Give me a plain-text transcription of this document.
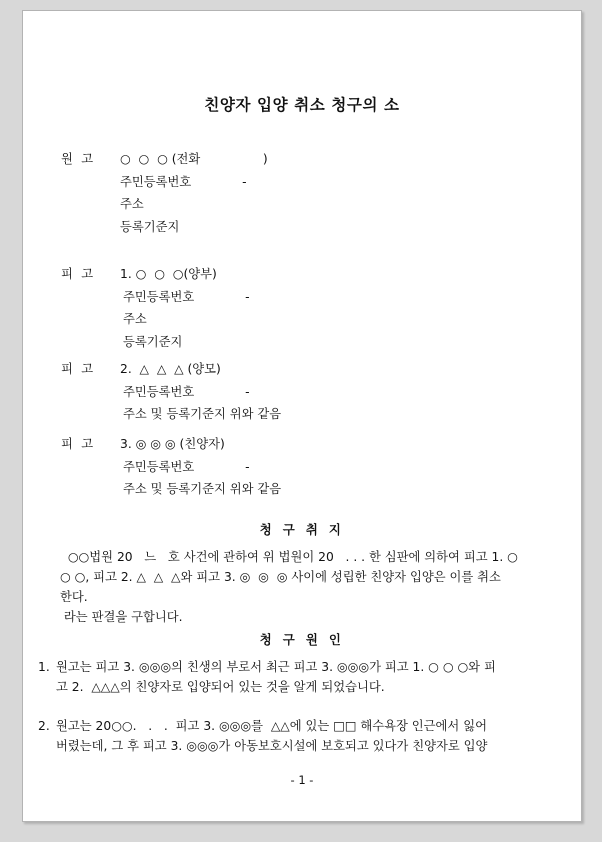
친양자 입양 취소 청구의 소

원 고

○  ○  ○ (전화                )

주민등록번호             -

주소

등록기준지

피 고

1. ○  ○  ○(양부)

주민등록번호             -

주소

등록기준지

피 고

2.  △  △  △ (양모)

주민등록번호             -

주소 및 등록기준지 위와 같음

피 고

3. ◎ ◎ ◎ (친양자)

주민등록번호             -

주소 및 등록기준지 위와 같음

청 구 취 지
○○법원 20   느   호 사건에 관하여 위 법원이 20   . . . 한 심판에 의하여 피고 1. ○
○ ○, 피고 2. △  △  △와 피고 3. ◎  ◎  ◎ 사이에 성립한 친양자 입양은 이를 취소
한다.
라는 판결을 구합니다.
청 구 원 인
1. 원고는 피고 3. ◎◎◎의 친생의 부로서 최근 피고 3. ◎◎◎가 피고 1. ○ ○ ○와 피
고 2.  △△△의 친양자로 입양되어 있는 것을 알게 되었습니다.
2. 원고는 20○○.   .   .  피고 3. ◎◎◎를  △△에 있는 □□ 해수욕장 인근에서 잃어
버렸는데, 그 후 피고 3. ◎◎◎가 아동보호시설에 보호되고 있다가 친양자로 입양
- 1 -
